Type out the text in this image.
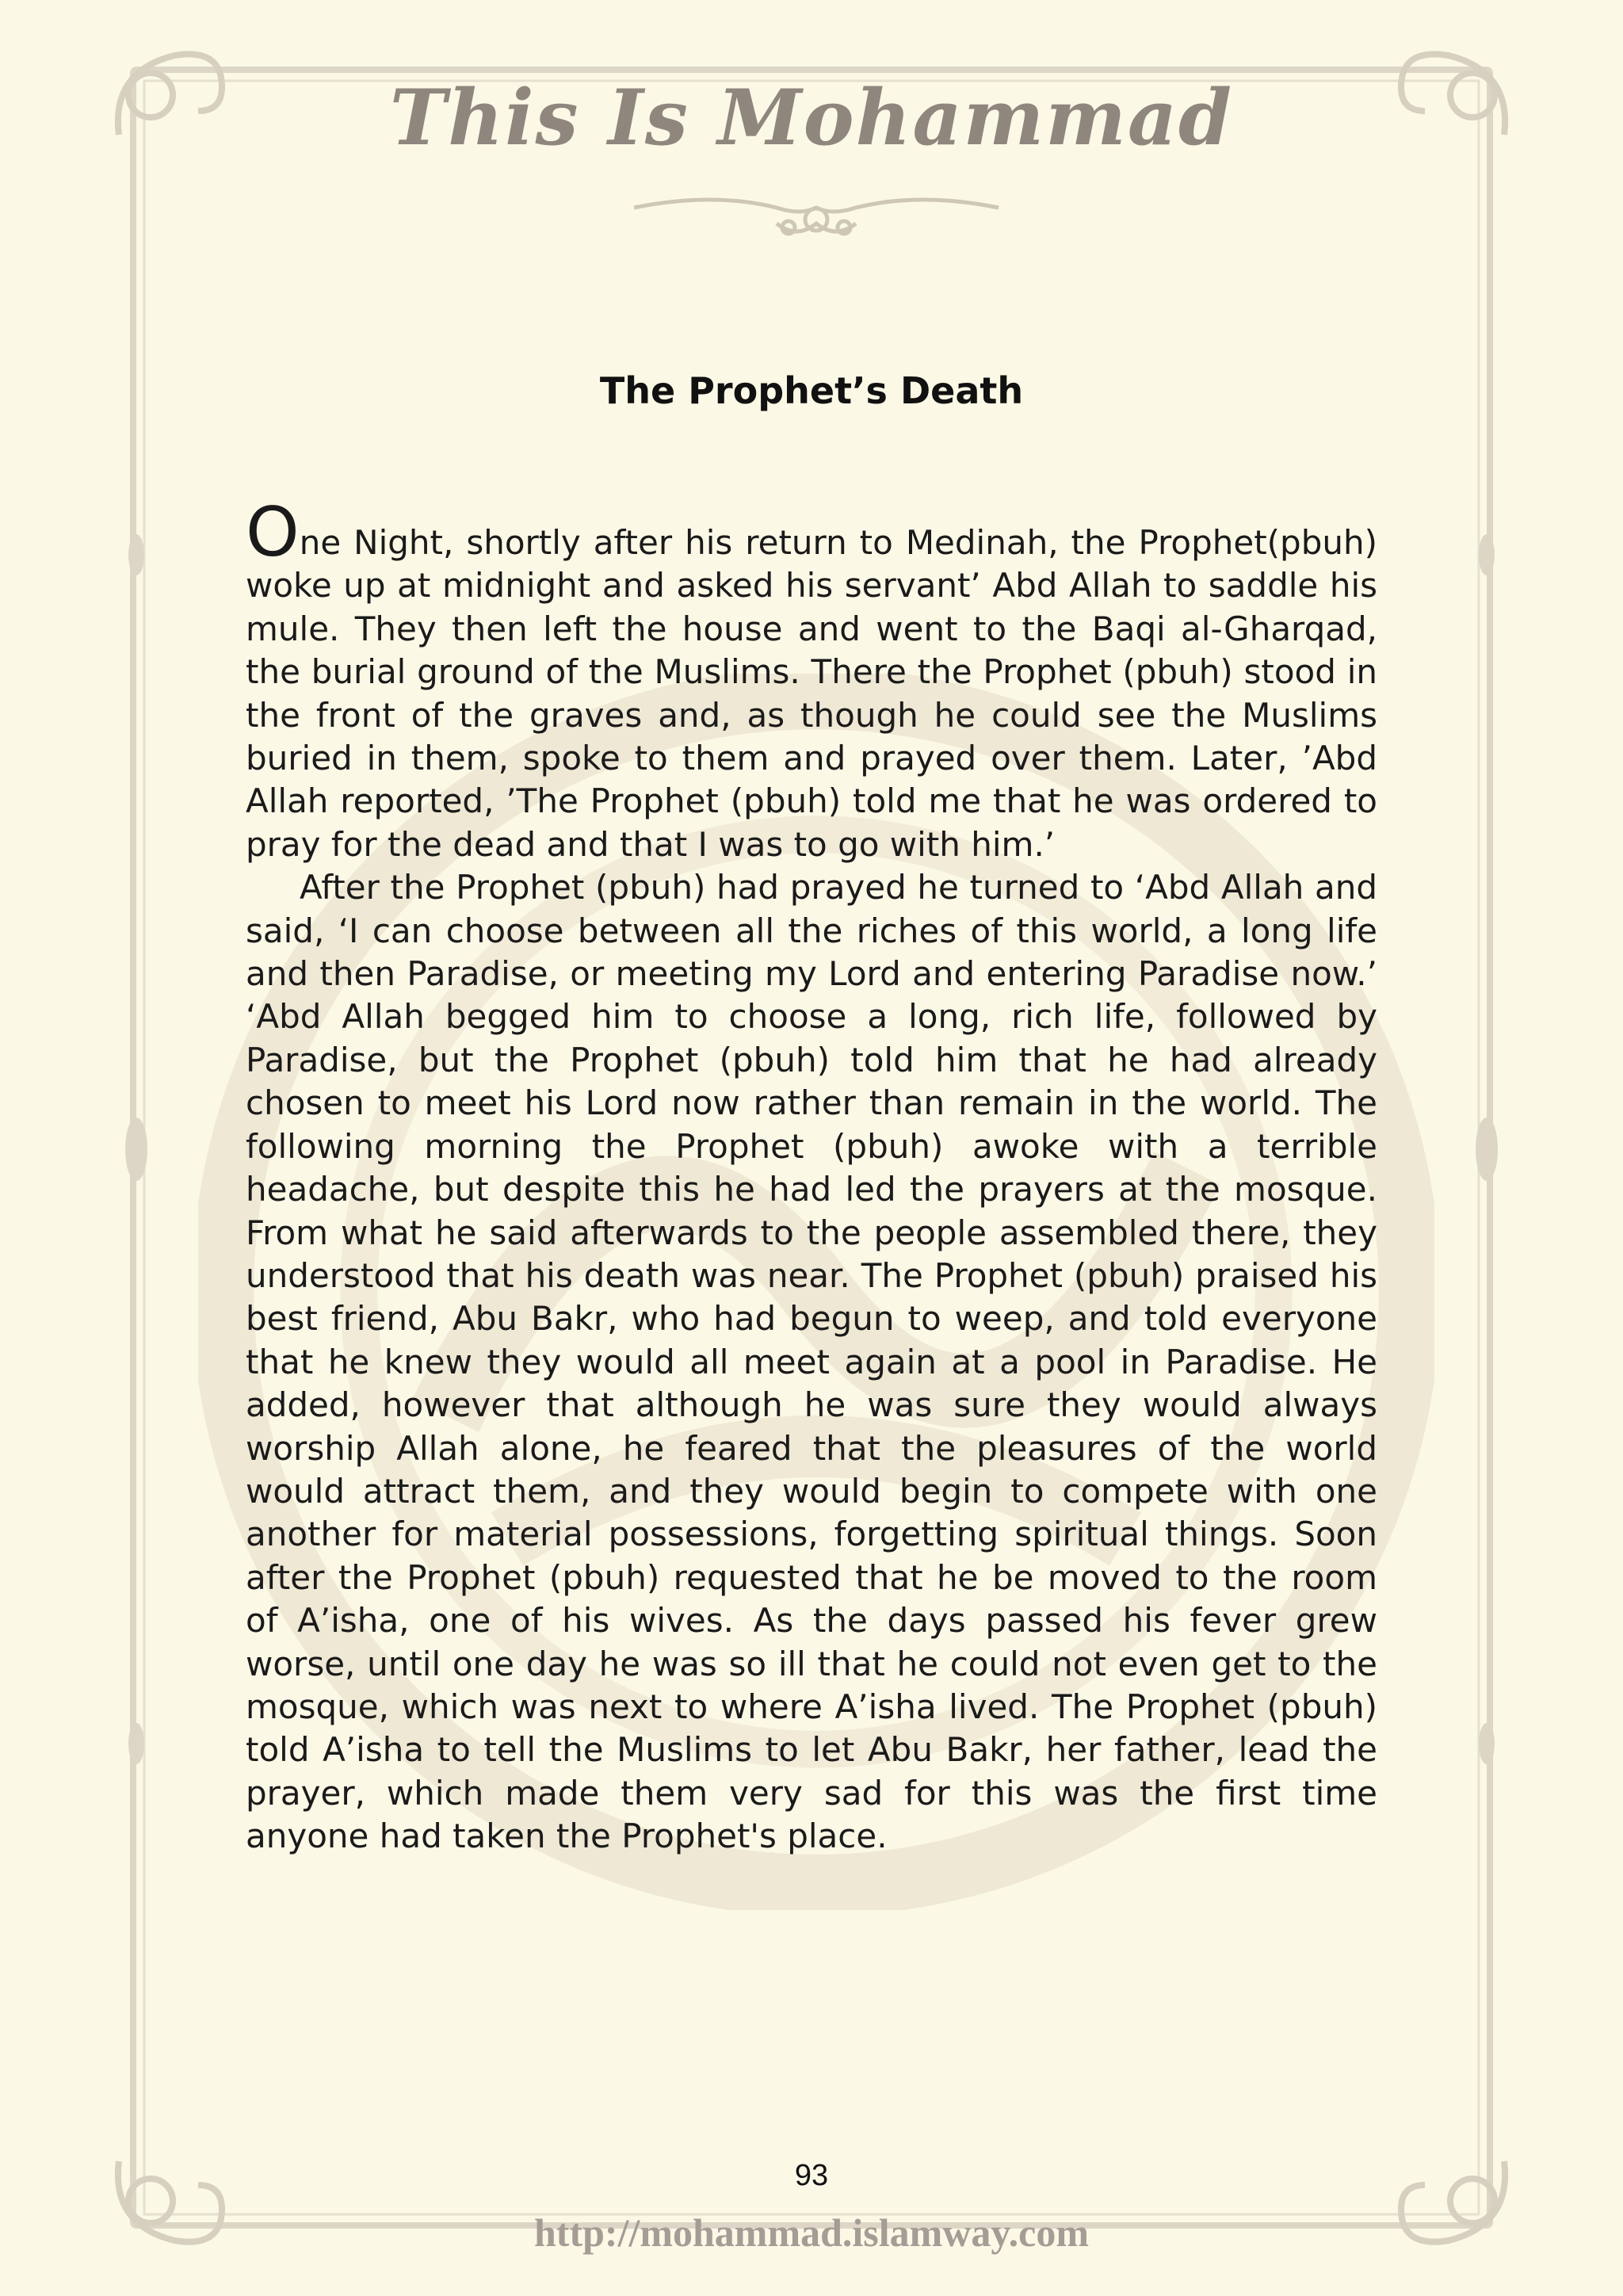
This Is Mohammad
The Prophet’s Death

One Night, shortly after his return to Medinah, the Prophet(pbuh) woke up at midnight and asked his servant’ Abd Allah to saddle his mule. They then left the house and went to the Baqi al-Gharqad, the burial ground of the Muslims. There the Prophet (pbuh) stood in the front of the graves and, as though he could see the Muslims buried in them, spoke to them and prayed over them. Later, ’Abd Allah reported, ’The Prophet (pbuh) told me that he was ordered to pray for the dead and that I was to go with him.’

After the Prophet (pbuh) had prayed he turned to ‘Abd Allah and said, ‘I can choose between all the riches of this world, a long life and then Paradise, or meeting my Lord and entering Paradise now.’ ‘Abd Allah begged him to choose a long, rich life, followed by Paradise, but the Prophet (pbuh) told him that he had already chosen to meet his Lord now rather than remain in the world. The following morning the Prophet (pbuh) awoke with a terrible headache, but despite this he had led the prayers at the mosque. From what he said afterwards to the people assembled there, they understood that his death was near. The Prophet (pbuh) praised his best friend, Abu Bakr, who had begun to weep, and told everyone that he knew they would all meet again at a pool in Paradise. He added, however that although he was sure they would always worship Allah alone, he feared that the pleasures of the world would attract them, and they would begin to compete with one another for material possessions, forgetting spiritual things. Soon after the Prophet (pbuh) requested that he be moved to the room of A’isha, one of his wives. As the days passed his fever grew worse, until one day he was so ill that he could not even get to the mosque, which was next to where A’isha lived. The Prophet (pbuh) told A’isha to tell the Muslims to let Abu Bakr, her father, lead the prayer, which made them very sad for this was the first time anyone had taken the Prophet's place.

93
http://mohammad.islamway.com
